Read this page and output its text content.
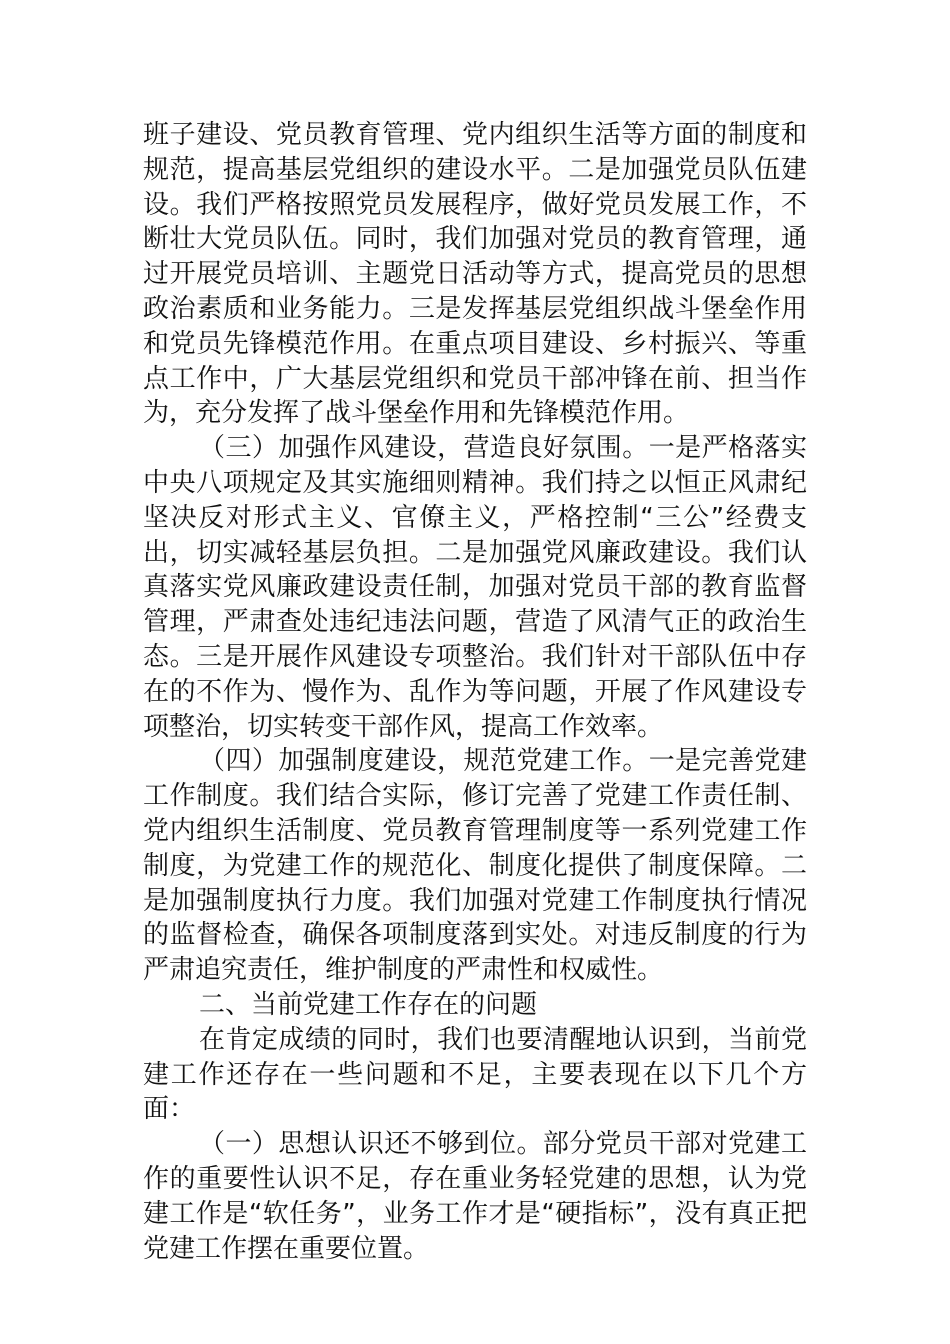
班子建设、党员教育管理、党内组织生活等方面的制度和规范，提高基层党组织的建设水平。二是加强党员队伍建设。我们严格按照党员发展程序，做好党员发展工作，不断壮大党员队伍。同时，我们加强对党员的教育管理，通过开展党员培训、主题党日活动等方式，提高党员的思想政治素质和业务能力。三是发挥基层党组织战斗堡垒作用和党员先锋模范作用。在重点项目建设、乡村振兴、等重点工作中，广大基层党组织和党员干部冲锋在前、担当作为，充分发挥了战斗堡垒作用和先锋模范作用。

（三）加强作风建设，营造良好氛围。一是严格落实中央八项规定及其实施细则精神。我们持之以恒正风肃纪坚决反对形式主义、官僚主义，严格控制“三公”经费支出，切实减轻基层负担。二是加强党风廉政建设。我们认真落实党风廉政建设责任制，加强对党员干部的教育监督管理，严肃查处违纪违法问题，营造了风清气正的政治生态。三是开展作风建设专项整治。我们针对干部队伍中存在的不作为、慢作为、乱作为等问题，开展了作风建设专项整治，切实转变干部作风，提高工作效率。

（四）加强制度建设，规范党建工作。一是完善党建工作制度。我们结合实际，修订完善了党建工作责任制、党内组织生活制度、党员教育管理制度等一系列党建工作制度，为党建工作的规范化、制度化提供了制度保障。二是加强制度执行力度。我们加强对党建工作制度执行情况的监督检查，确保各项制度落到实处。对违反制度的行为严肃追究责任，维护制度的严肃性和权威性。

二、当前党建工作存在的问题

在肯定成绩的同时，我们也要清醒地认识到，当前党建工作还存在一些问题和不足，主要表现在以下几个方面：

（一）思想认识还不够到位。部分党员干部对党建工作的重要性认识不足，存在重业务轻党建的思想，认为党建工作是“软任务”，业务工作才是“硬指标”，没有真正把党建工作摆在重要位置。
